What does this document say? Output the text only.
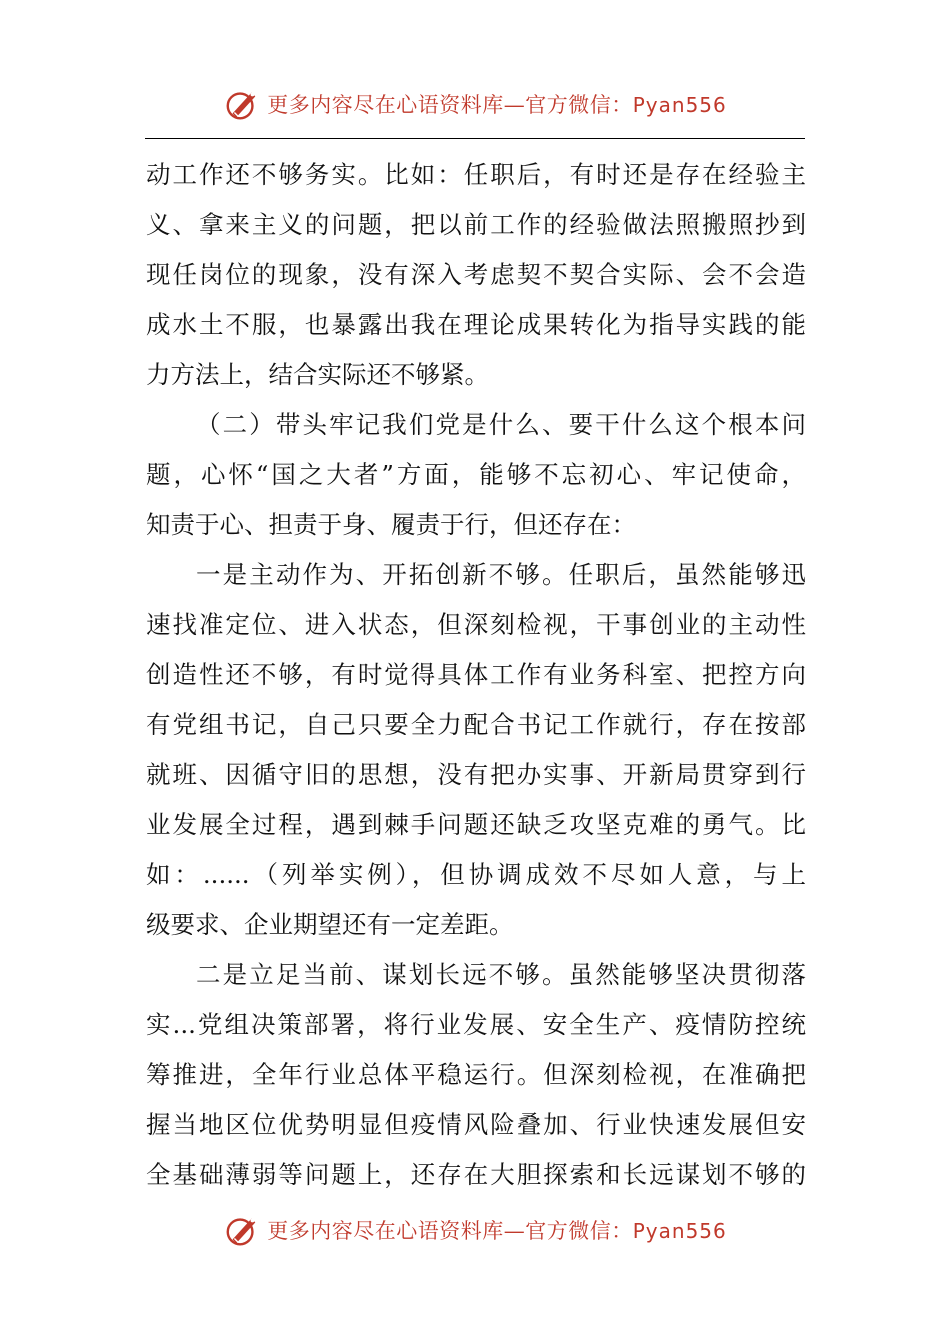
更多内容尽在心语资料库—官方微信：Pyan556
动工作还不够务实。比如：任职后，有时还是存在经验主
义、拿来主义的问题，把以前工作的经验做法照搬照抄到
现任岗位的现象，没有深入考虑契不契合实际、会不会造
成水土不服，也暴露出我在理论成果转化为指导实践的能
力方法上，结合实际还不够紧。
（二）带头牢记我们党是什么、要干什么这个根本问
题，心怀“国之大者”方面，能够不忘初心、牢记使命，
知责于心、担责于身、履责于行，但还存在：
一是主动作为、开拓创新不够。任职后，虽然能够迅
速找准定位、进入状态，但深刻检视，干事创业的主动性
创造性还不够，有时觉得具体工作有业务科室、把控方向
有党组书记，自己只要全力配合书记工作就行，存在按部
就班、因循守旧的思想，没有把办实事、开新局贯穿到行
业发展全过程，遇到棘手问题还缺乏攻坚克难的勇气。比
如：......（列举实例），但协调成效不尽如人意，与上
级要求、企业期望还有一定差距。
二是立足当前、谋划长远不够。虽然能够坚决贯彻落
实...党组决策部署，将行业发展、安全生产、疫情防控统
筹推进，全年行业总体平稳运行。但深刻检视，在准确把
握当地区位优势明显但疫情风险叠加、行业快速发展但安
全基础薄弱等问题上，还存在大胆探索和长远谋划不够的
更多内容尽在心语资料库—官方微信：Pyan556
